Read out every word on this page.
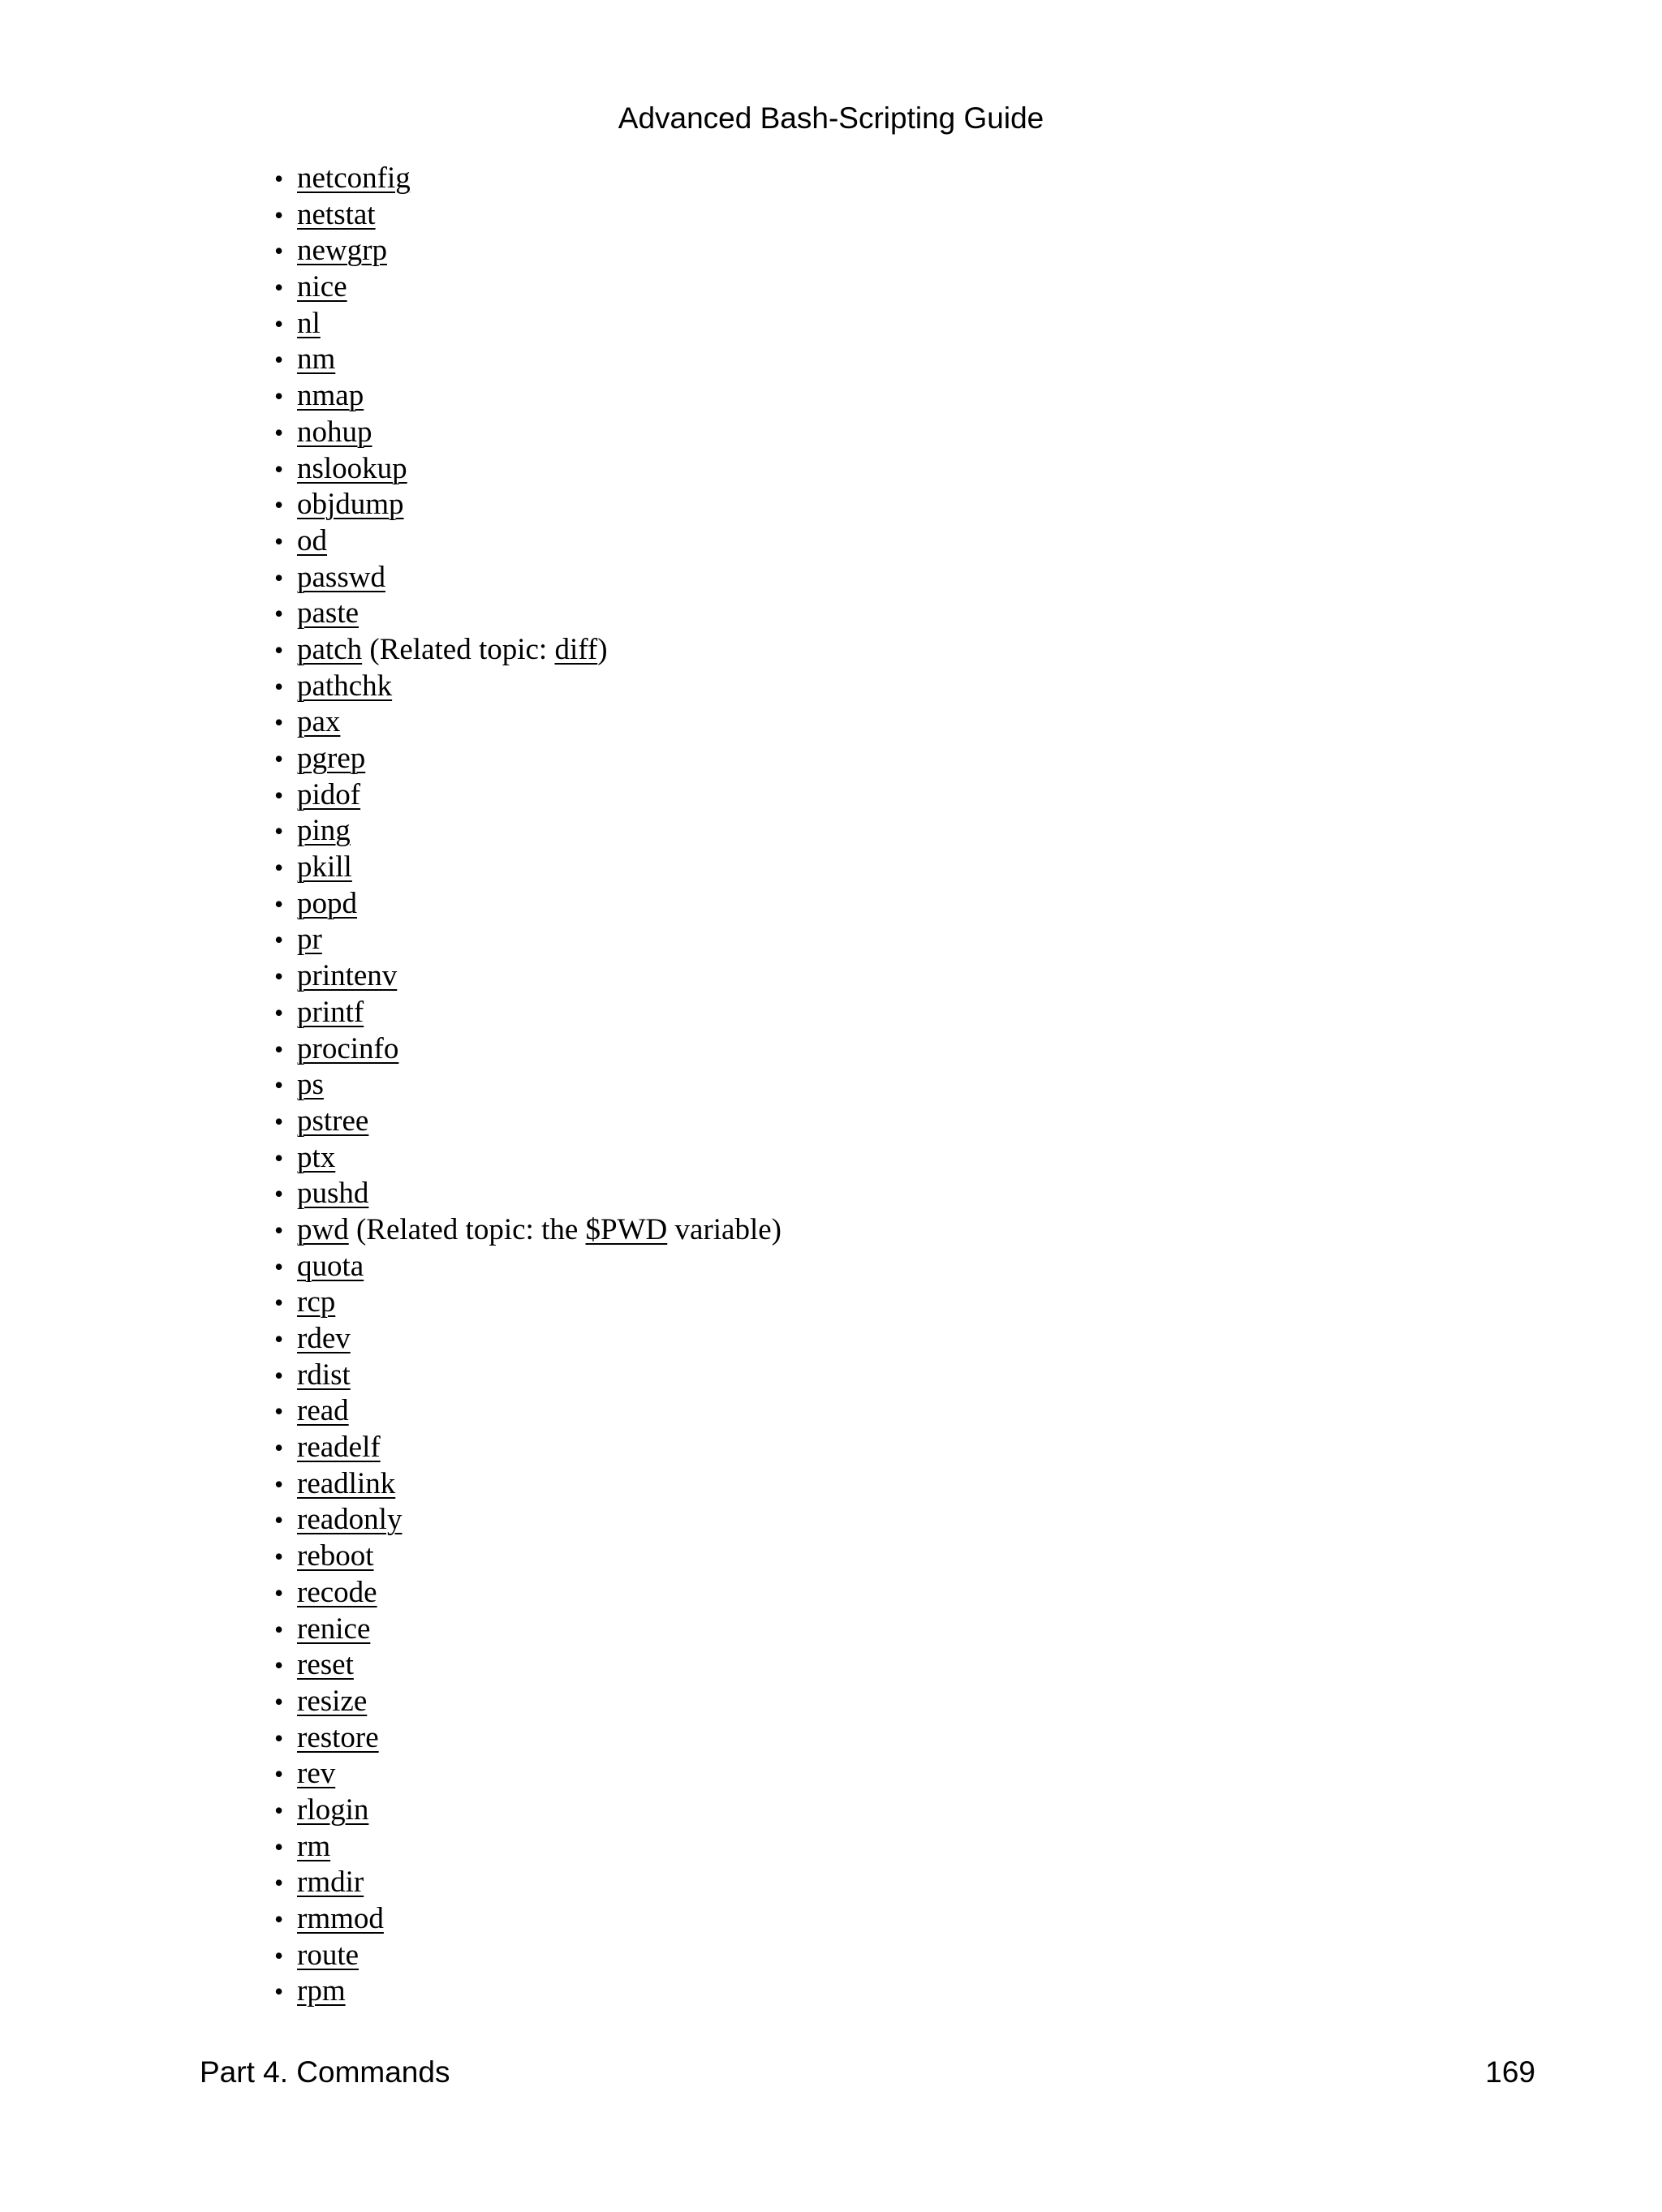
Advanced Bash-Scripting Guide
• netconfig
• netstat
• newgrp
• nice
• nl
• nm
• nmap
• nohup
• nslookup
• objdump
• od
• passwd
• paste
• patch (Related topic: diff)
• pathchk
• pax
• pgrep
• pidof
• ping
• pkill
• popd
• pr
• printenv
• printf
• procinfo
• ps
• pstree
• ptx
• pushd
• pwd (Related topic: the $PWD variable)
• quota
• rcp
• rdev
• rdist
• read
• readelf
• readlink
• readonly
• reboot
• recode
• renice
• reset
• resize
• restore
• rev
• rlogin
• rm
• rmdir
• rmmod
• route
• rpm
Part 4. Commands	169
